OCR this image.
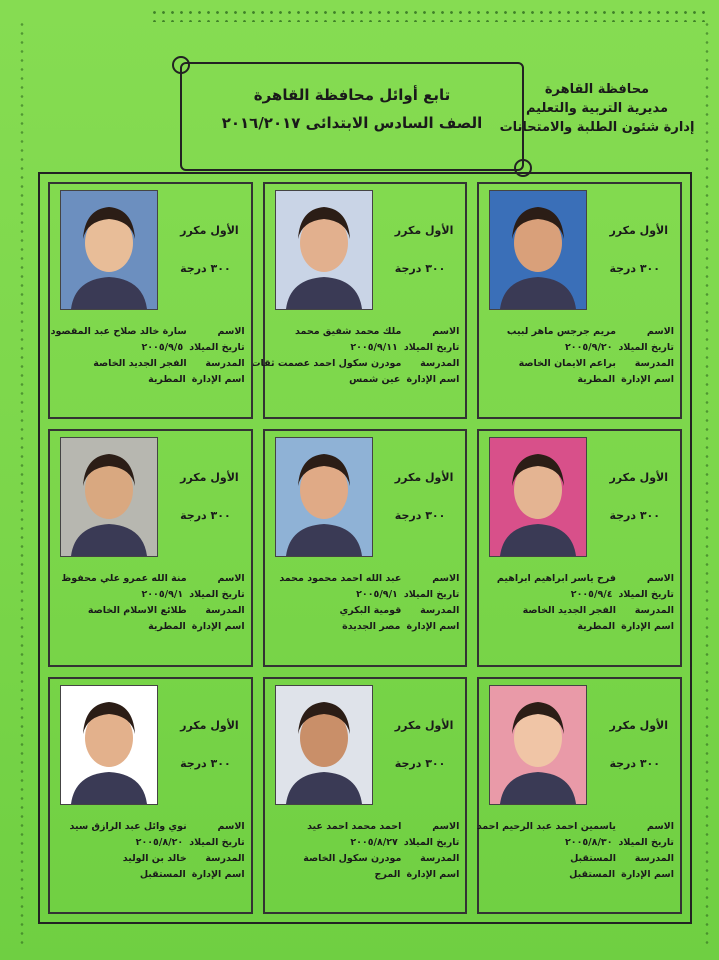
محافظة القاهرة
مديرية التربية والتعليم
إدارة شئون الطلبة والامتحانات
تابع أوائل محافظة القاهرة
الصف السادس الابتدائى ٢٠١٦/٢٠١٧
الأول مكرر
٣٠٠ درجة
الاسم
مريم جرجس ماهر لبيب
تاريخ الميلاد
٢٠٠٥/٩/٢٠
المدرسة
براعم الايمان الخاصة
اسم الإدارة
المطرية
الأول مكرر
٣٠٠ درجة
الاسم
ملك محمد شفيق محمد
تاريخ الميلاد
٢٠٠٥/٩/١١
المدرسة
مودرن سكول احمد عصمت ثقات
اسم الإدارة
عين شمس
الأول مكرر
٣٠٠ درجة
الاسم
سارة خالد صلاح عبد المقصود
تاريخ الميلاد
٢٠٠٥/٩/٥
المدرسة
الفجر الجديد الخاصة
اسم الإدارة
المطرية
الأول مكرر
٣٠٠ درجة
الاسم
فرح ياسر ابراهيم ابراهيم
تاريخ الميلاد
٢٠٠٥/٩/٤
المدرسة
الفجر الجديد الخاصة
اسم الإدارة
المطرية
الأول مكرر
٣٠٠ درجة
الاسم
عبد الله احمد محمود محمد
تاريخ الميلاد
٢٠٠٥/٩/١
المدرسة
قومية البكري
اسم الإدارة
مصر الجديدة
الأول مكرر
٣٠٠ درجة
الاسم
منة الله عمرو علي محفوظ
تاريخ الميلاد
٢٠٠٥/٩/١
المدرسة
طلائع الاسلام الخاصة
اسم الإدارة
المطرية
الأول مكرر
٣٠٠ درجة
الاسم
ياسمين احمد عبد الرحيم احمد
تاريخ الميلاد
٢٠٠٥/٨/٣٠
المدرسة
المستقبل
اسم الإدارة
المستقبل
الأول مكرر
٣٠٠ درجة
الاسم
احمد محمد احمد عيد
تاريخ الميلاد
٢٠٠٥/٨/٢٧
المدرسة
مودرن سكول الخاصة
اسم الإدارة
المرج
الأول مكرر
٣٠٠ درجة
الاسم
نوي وائل عبد الرازق سيد
تاريخ الميلاد
٢٠٠٥/٨/٢٠
المدرسة
خالد بن الوليد
اسم الإدارة
المستقبل
